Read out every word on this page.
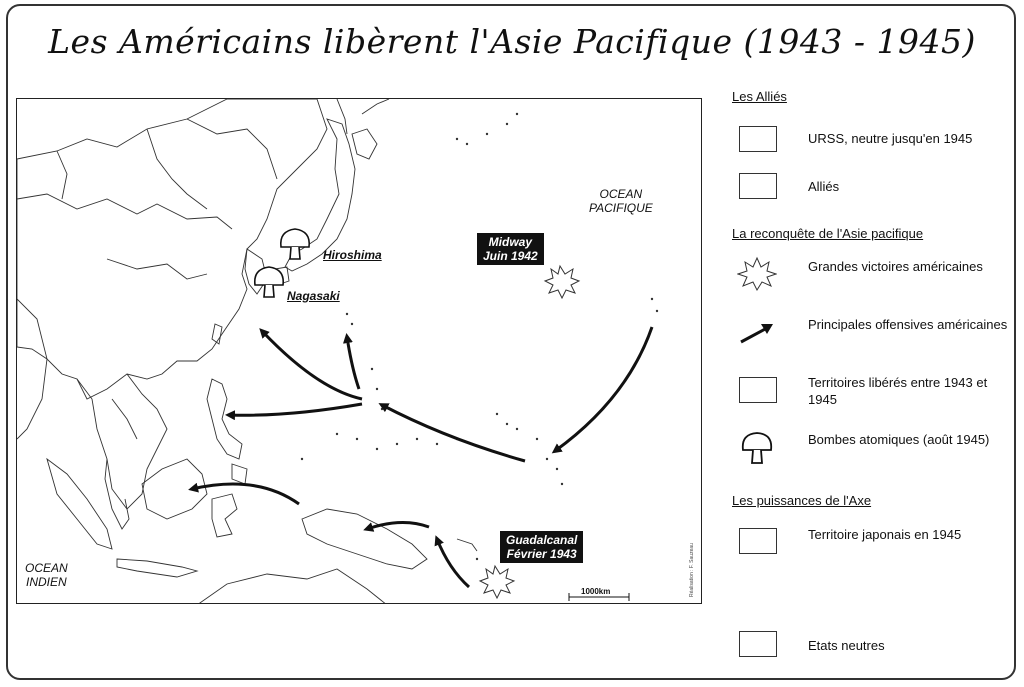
Les Américains libèrent l'Asie Pacifique (1943 - 1945)
OCEAN
PACIFIQUE
OCEAN
INDIEN
Hiroshima
Nagasaki
Midway
Juin 1942
Guadalcanal
Février 1943
1000km	Réalisation : F. Sauzeau
Les Alliés
URSS, neutre jusqu'en 1945
Alliés
La reconquête de l'Asie pacifique
Grandes victoires américaines
Principales offensives américaines
Territoires libérés entre 1943 et 1945
Bombes atomiques (août 1945)
Les puissances de l'Axe
Territoire japonais en 1945
Etats neutres
